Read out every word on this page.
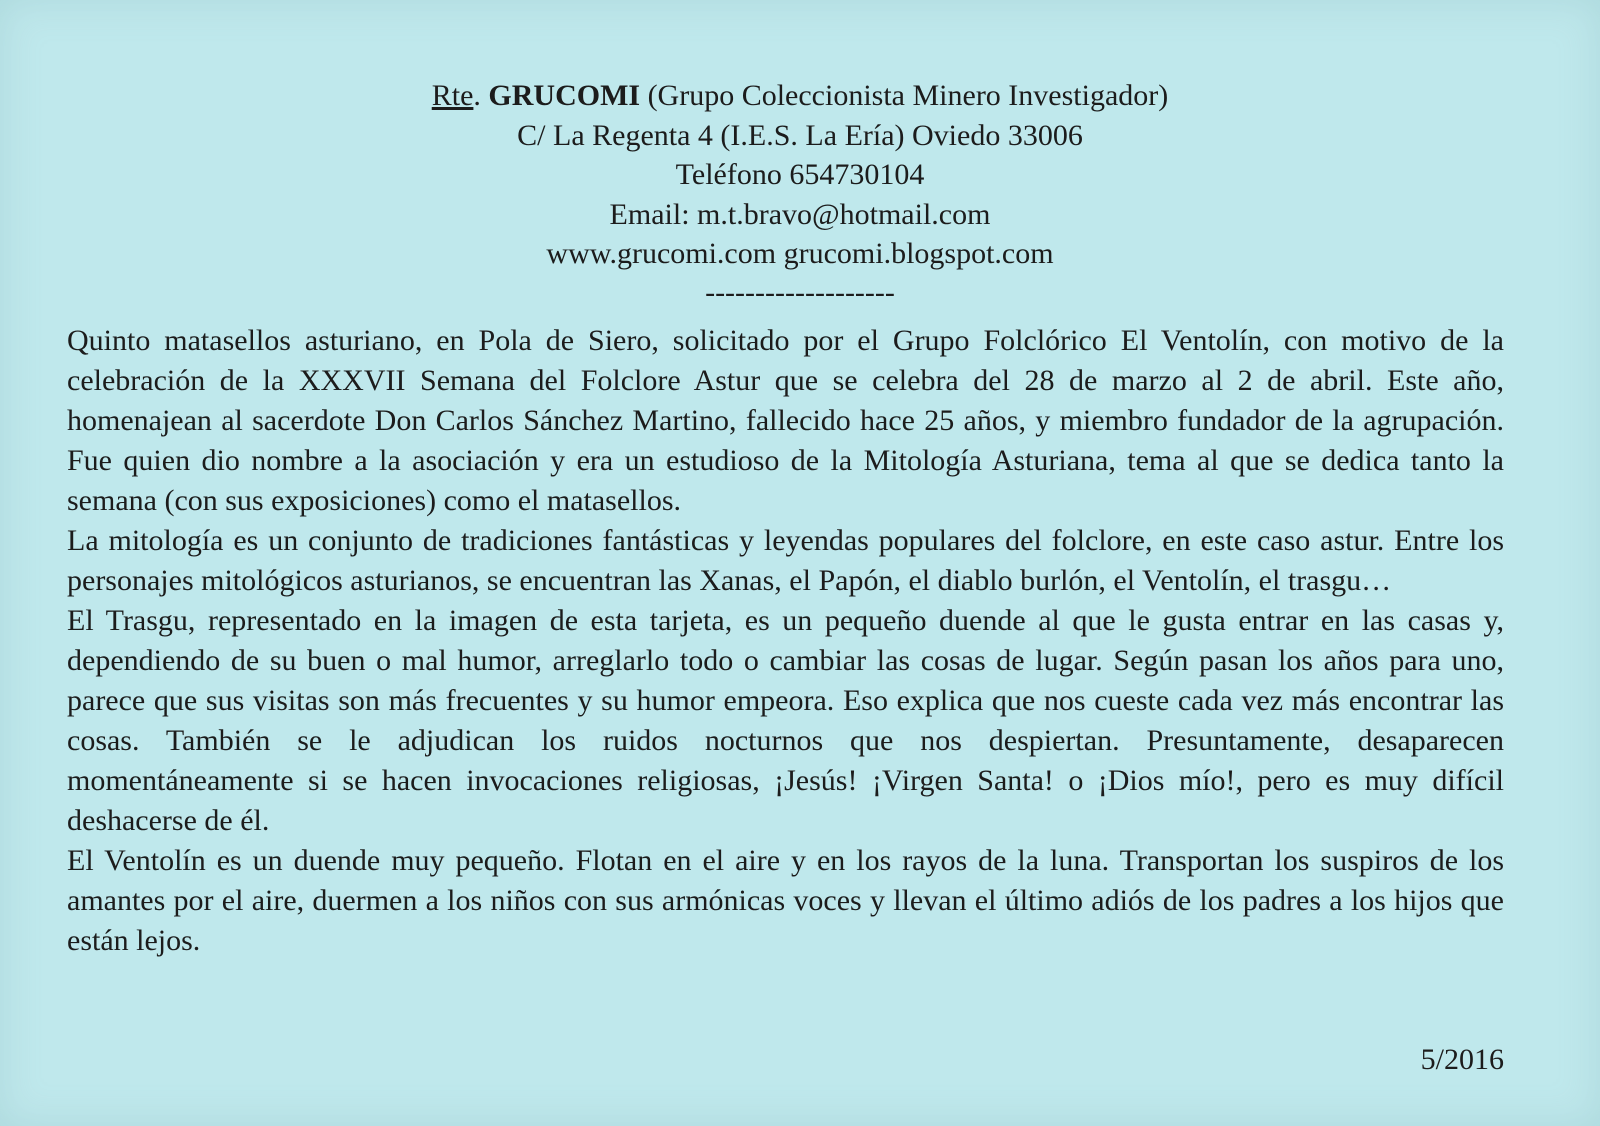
Rte. GRUCOMI (Grupo Coleccionista Minero Investigador)
C/ La Regenta 4 (I.E.S. La Ería) Oviedo 33006
Teléfono 654730104
Email: m.t.bravo@hotmail.com
www.grucomi.com grucomi.blogspot.com
-------------------

Quinto matasellos asturiano, en Pola de Siero, solicitado por el Grupo Folclórico El Ventolín, con motivo de la celebración de la XXXVII Semana del Folclore Astur que se celebra del 28 de marzo al 2 de abril. Este año, homenajean al sacerdote Don Carlos Sánchez Martino, fallecido hace 25 años, y miembro fundador de la agrupación. Fue quien dio nombre a la asociación y era un estudioso de la Mitología Asturiana, tema al que se dedica tanto la semana (con sus exposiciones) como el matasellos.

La mitología es un conjunto de tradiciones fantásticas y leyendas populares del folclore, en este caso astur. Entre los personajes mitológicos asturianos, se encuentran las Xanas, el Papón, el diablo burlón, el Ventolín, el trasgu…

El Trasgu, representado en la imagen de esta tarjeta, es un pequeño duende al que le gusta entrar en las casas y, dependiendo de su buen o mal humor, arreglarlo todo o cambiar las cosas de lugar. Según pasan los años para uno, parece que sus visitas son más frecuentes y su humor empeora. Eso explica que nos cueste cada vez más encontrar las cosas. También se le adjudican los ruidos nocturnos que nos despiertan. Presuntamente, desaparecen momentáneamente si se hacen invocaciones religiosas, ¡Jesús! ¡Virgen Santa! o ¡Dios mío!, pero es muy difícil deshacerse de él.

El Ventolín es un duende muy pequeño. Flotan en el aire y en los rayos de la luna. Transportan los suspiros de los amantes por el aire, duermen a los niños con sus armónicas voces y llevan el último adiós de los padres a los hijos que están lejos.

5/2016
